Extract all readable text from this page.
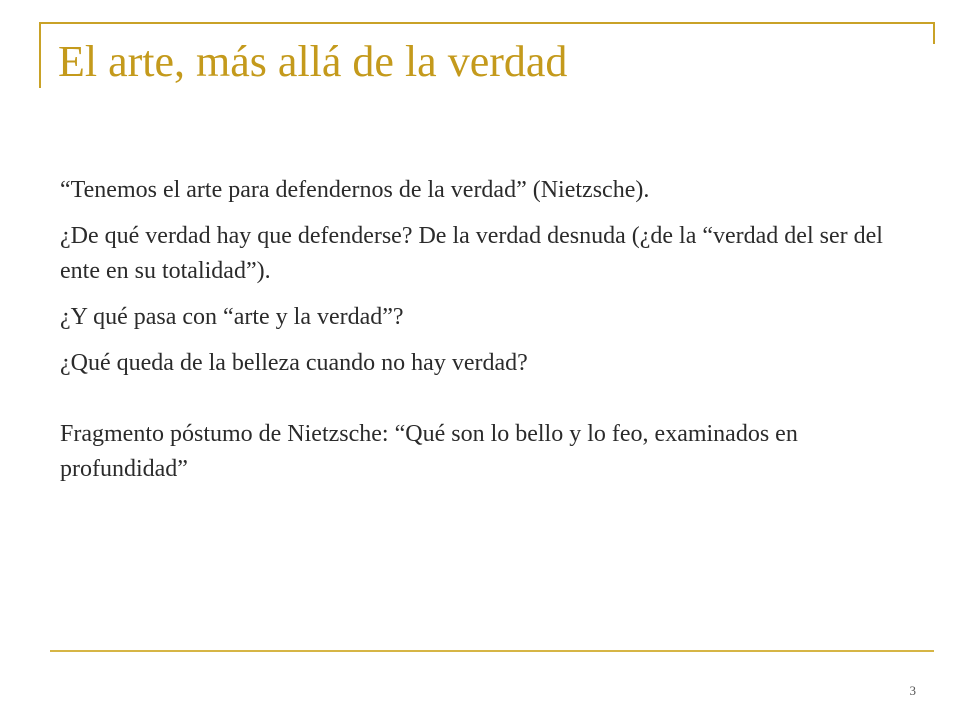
El arte, más allá de la verdad

“Tenemos el arte para defendernos de la verdad” (Nietzsche).

¿De qué verdad hay que defenderse? De la verdad desnuda (¿de la “verdad del ser del ente en su totalidad”).

¿Y qué pasa con “arte y la verdad”?

¿Qué queda de la belleza cuando no hay verdad?

Fragmento póstumo de Nietzsche: “Qué son lo bello y lo feo, examinados en profundidad”

3
